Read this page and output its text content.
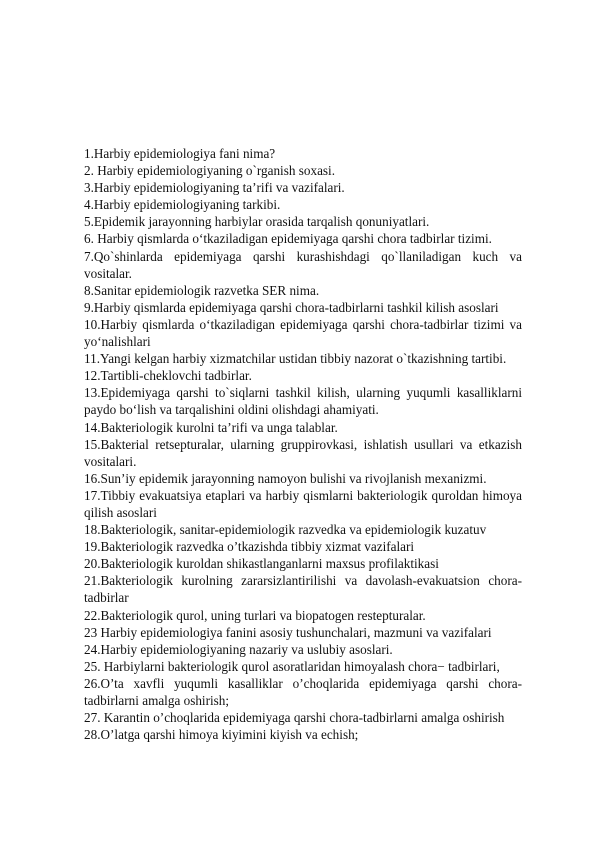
1.Harbiy epidemiologiya fani nima?

2. Harbiy epidemiologiyaning o`rganish soxasi.

3.Harbiy epidemiologiyaning ta’rifi va vazifalari.

4.Harbiy epidemiologiyaning tarkibi.

5.Epidemik jarayonning harbiylar orasida tarqalish qonuniyatlari.

6. Harbiy qismlarda o‘tkaziladigan epidemiyaga qarshi chora tadbirlar tizimi.

7.Qo`shinlarda epidemiyaga qarshi kurashishdagi qo`llaniladigan kuch va vositalar.

8.Sanitar epidemiologik razvetka SER nima.

9.Harbiy qismlarda epidemiyaga qarshi chora-tadbirlarni tashkil kilish asoslari

10.Harbiy qismlarda o‘tkaziladigan epidemiyaga qarshi chora-tadbirlar tizimi va yo‘nalishlari

11.Yangi kelgan harbiy xizmatchilar ustidan tibbiy nazorat o`tkazishning tartibi.

12.Tartibli-cheklovchi tadbirlar.

13.Epidemiyaga qarshi to`siqlarni tashkil kilish, ularning yuqumli kasalliklarni paydo bo‘lish va tarqalishini oldini olishdagi ahamiyati.

14.Bakteriologik kurolni ta’rifi va unga talablar.

15.Bakterial retsepturalar, ularning gruppirovkasi, ishlatish usullari va etkazish vositalari.

16.Sun’iy epidemik jarayonning namoyon bulishi va rivojlanish mexanizmi.

17.Tibbiy evakuatsiya etaplari va harbiy qismlarni bakteriologik quroldan himoya qilish asoslari

18.Bakteriologik, sanitar-epidemiologik razvedka va epidemiologik kuzatuv

19.Bakteriologik razvedka o’tkazishda tibbiy xizmat vazifalari

20.Bakteriologik kuroldan shikastlanganlarni maxsus profilaktikasi

21.Bakteriologik kurolning zararsizlantirilishi va davolash-evakuatsion chora-tadbirlar

22.Bakteriologik qurol, uning turlari va biopatogen restepturalar.

23 Harbiy epidemiologiya fanini asosiy tushunchalari, mazmuni va vazifalari

24.Harbiy epidemiologiyaning nazariy va uslubiy asoslari.

25. Harbiylarni bakteriologik qurol asoratlaridan himoyalash chora− tadbirlari,

26.O’ta xavfli yuqumli kasalliklar o’choqlarida epidemiyaga qarshi chora-tadbirlarni amalga oshirish;

27. Karantin o’choqlarida epidemiyaga qarshi chora-tadbirlarni amalga oshirish

28.O’latga qarshi himoya kiyimini kiyish va echish;
